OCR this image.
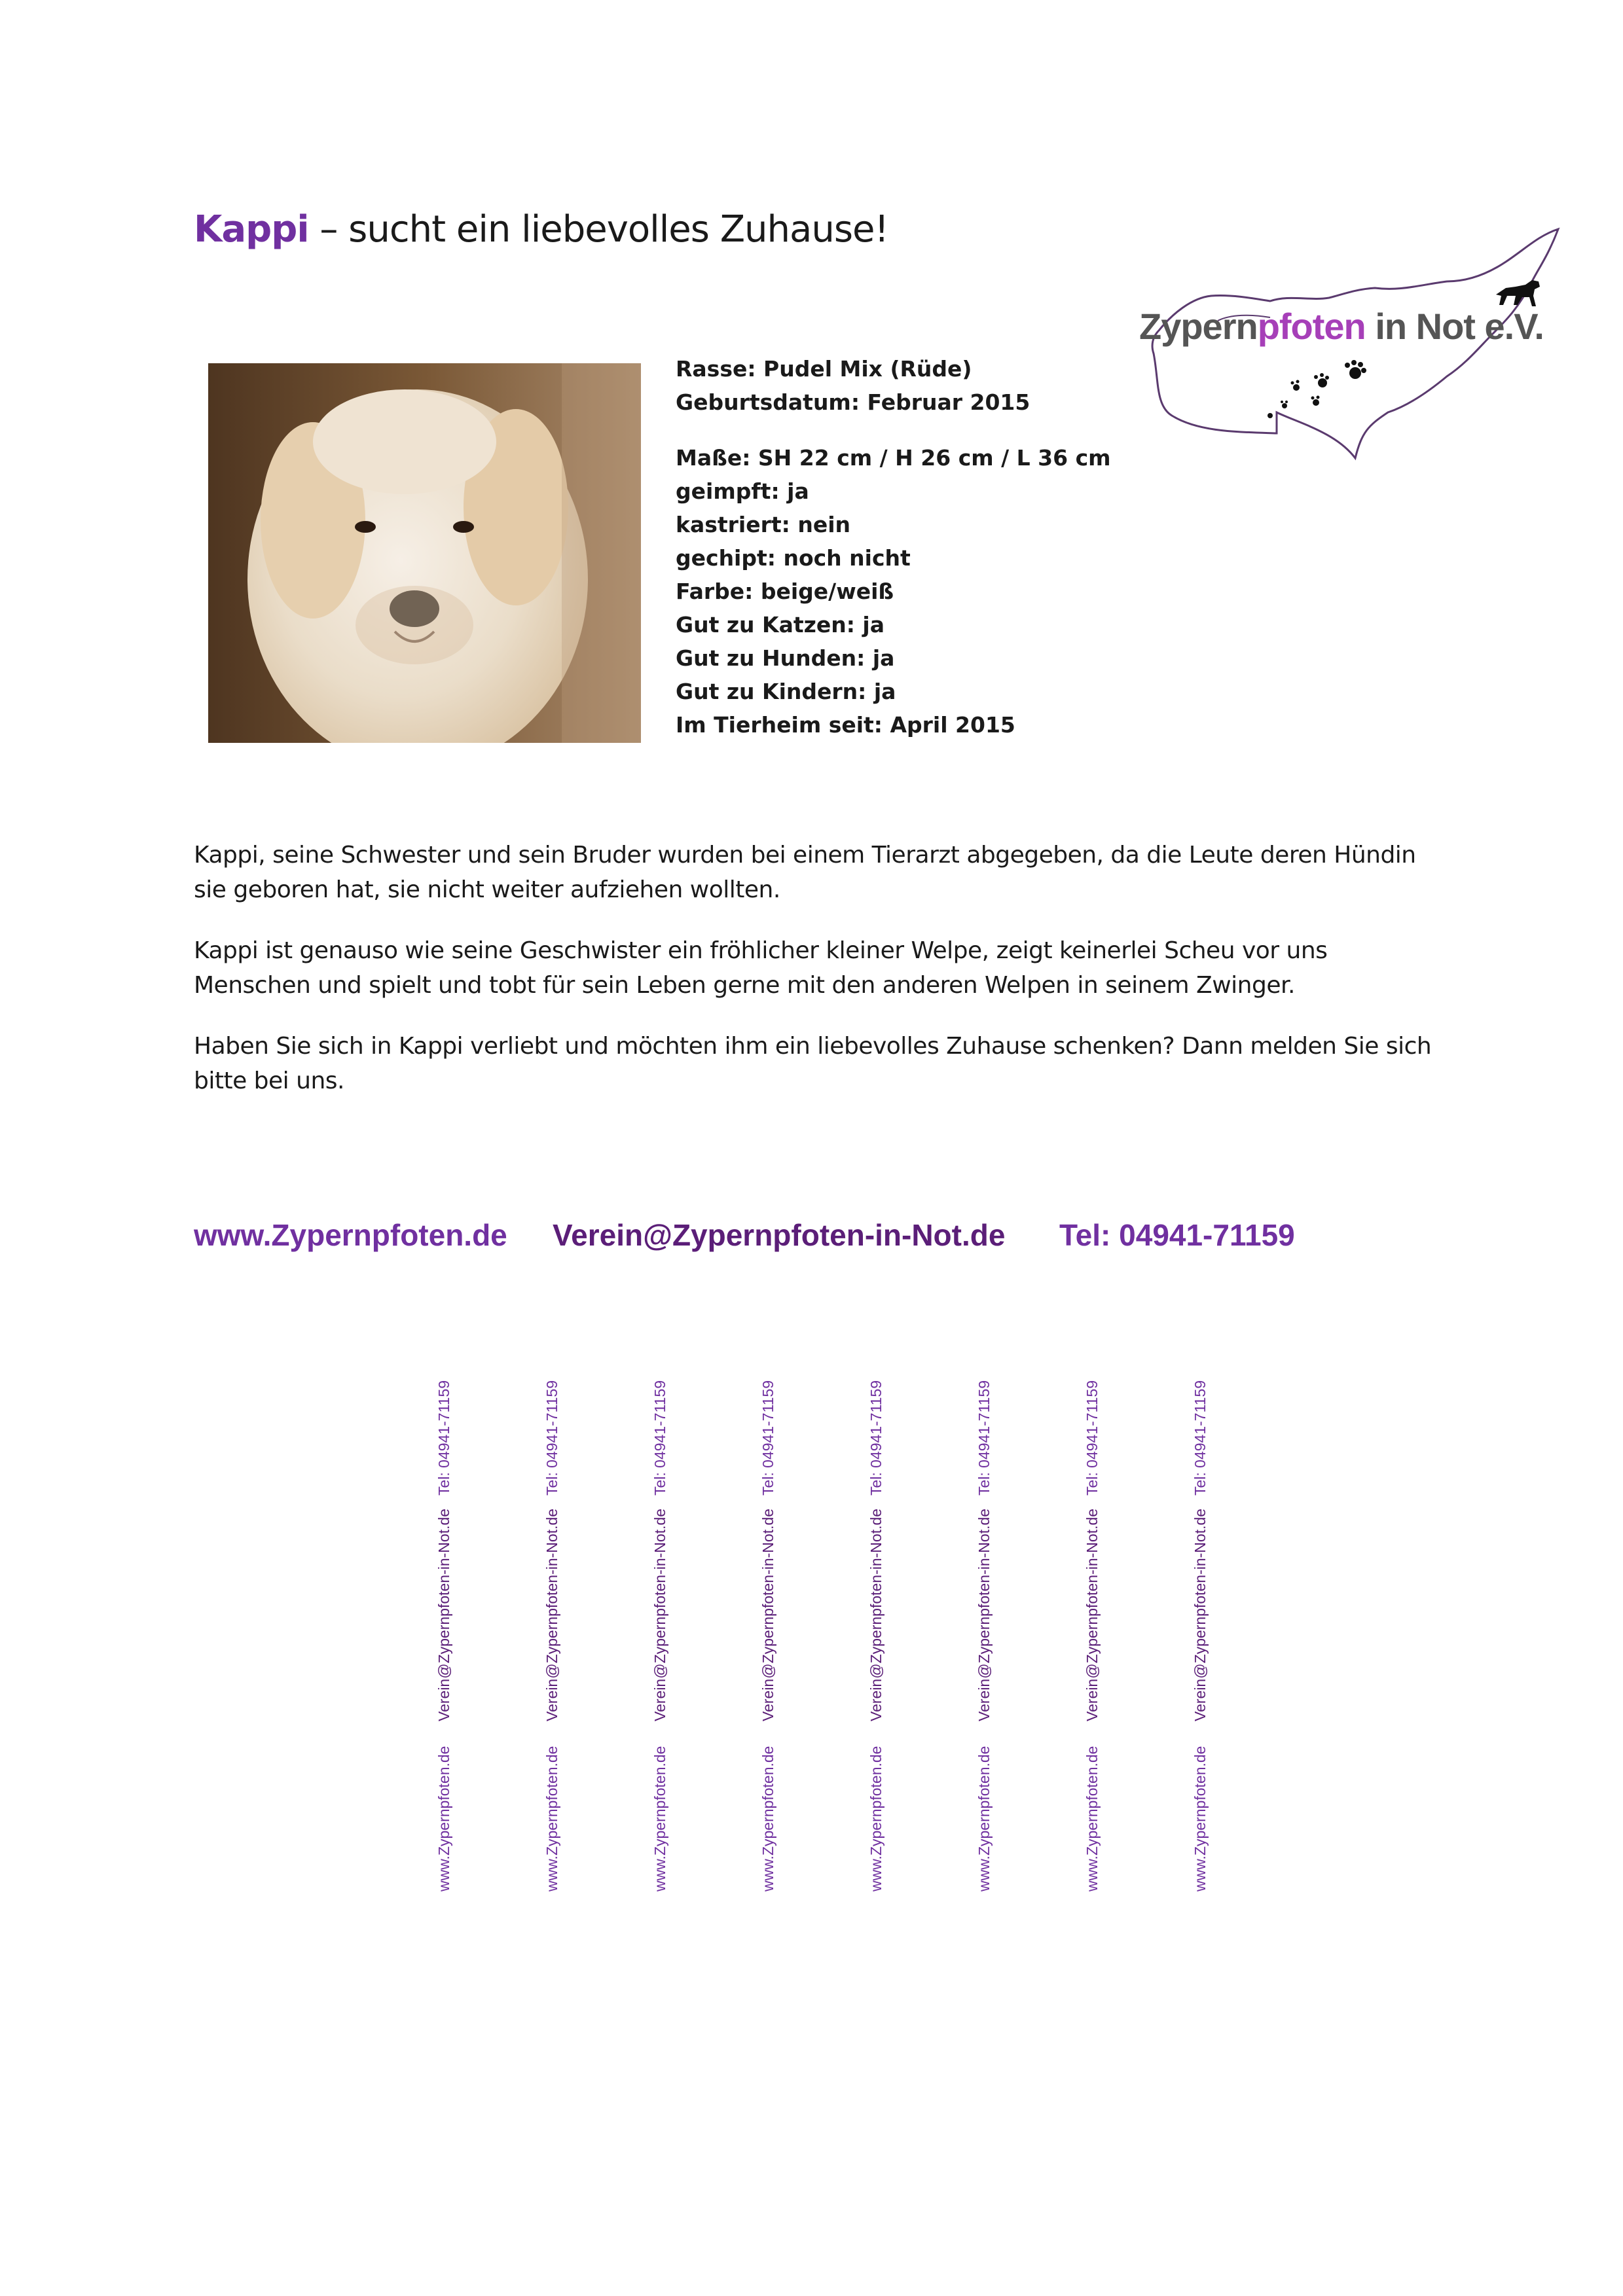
Kappi – sucht ein liebevolles Zuhause!
Zypernpfoten in Not e.V.
Rasse: Pudel Mix (Rüde)
Geburtsdatum: Februar 2015
Maße: SH 22 cm / H 26 cm / L 36 cm
geimpft: ja
kastriert: nein
gechipt: noch nicht
Farbe: beige/weiß
Gut zu Katzen: ja
Gut zu Hunden: ja
Gut zu Kindern: ja
Im Tierheim seit: April 2015

Kappi, seine Schwester und sein Bruder wurden bei einem Tierarzt abgegeben, da die Leute deren Hündin sie geboren hat, sie nicht weiter aufziehen wollten.

Kappi ist genauso wie seine Geschwister ein fröhlicher kleiner Welpe, zeigt keinerlei Scheu vor uns Menschen und spielt und tobt für sein Leben gerne mit den anderen Welpen in seinem Zwinger.

Haben Sie sich in Kappi verliebt und möchten ihm ein liebevolles Zuhause schenken? Dann melden Sie sich bitte bei uns.

www.Zypernpfoten.de Verein@Zypernpfoten-in-Not.de Tel: 04941-71159
Tel: 04941-71159
Verein@Zypernpfoten-in-Not.de
www.Zypernpfoten.de
Tel: 04941-71159
Verein@Zypernpfoten-in-Not.de
www.Zypernpfoten.de
Tel: 04941-71159
Verein@Zypernpfoten-in-Not.de
www.Zypernpfoten.de
Tel: 04941-71159
Verein@Zypernpfoten-in-Not.de
www.Zypernpfoten.de
Tel: 04941-71159
Verein@Zypernpfoten-in-Not.de
www.Zypernpfoten.de
Tel: 04941-71159
Verein@Zypernpfoten-in-Not.de
www.Zypernpfoten.de
Tel: 04941-71159
Verein@Zypernpfoten-in-Not.de
www.Zypernpfoten.de
Tel: 04941-71159
Verein@Zypernpfoten-in-Not.de
www.Zypernpfoten.de
